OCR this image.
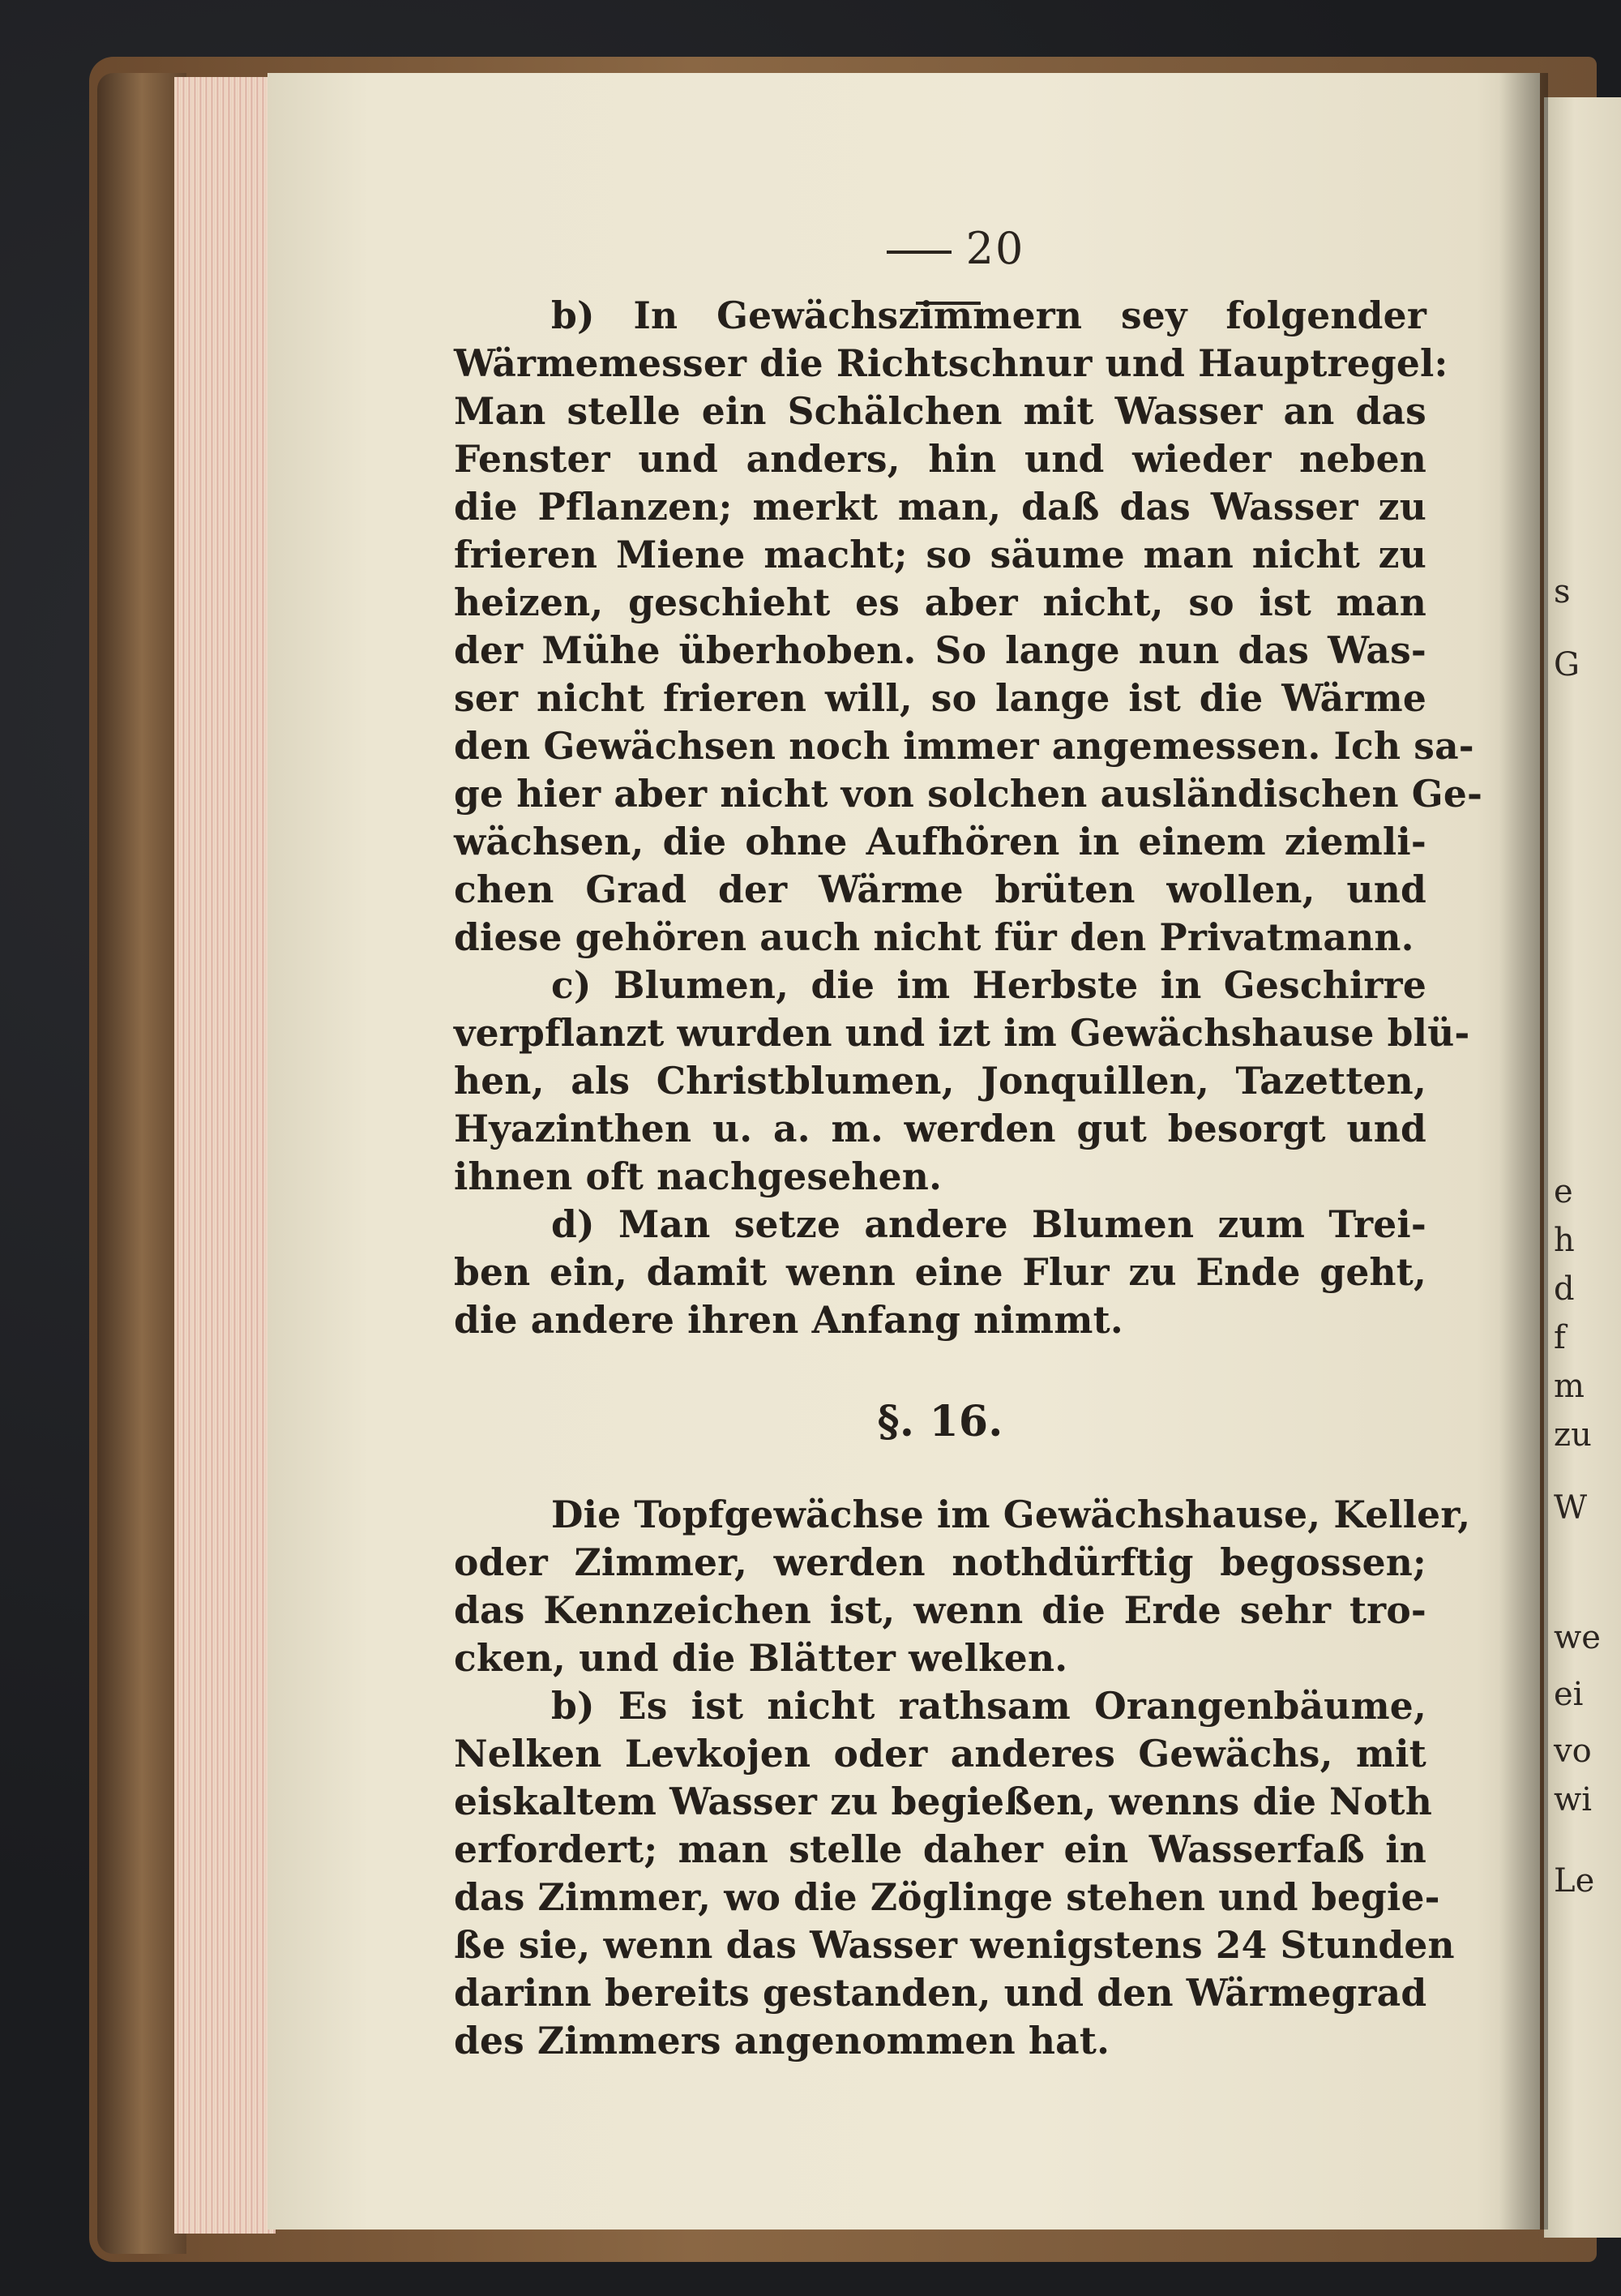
s
G
e
h
d
f
m
zu
W
we
ei
vo
wi
Le
20
b) In Gewächszimmern sey folgender
Wärmemesser die Richtschnur und Hauptregel:
Man stelle ein Schälchen mit Wasser an das
Fenster und anders, hin und wieder neben
die Pflanzen; merkt man, daß das Wasser zu
frieren Miene macht; so säume man nicht zu
heizen, geschieht es aber nicht, so ist man
der Mühe überhoben. So lange nun das Was-
ser nicht frieren will, so lange ist die Wärme
den Gewächsen noch immer angemessen. Ich sa-
ge hier aber nicht von solchen ausländischen Ge-
wächsen, die ohne Aufhören in einem ziemli-
chen Grad der Wärme brüten wollen, und
diese gehören auch nicht für den Privatmann.
c) Blumen, die im Herbste in Geschirre
verpflanzt wurden und izt im Gewächshause blü-
hen, als Christblumen, Jonquillen, Tazetten,
Hyazinthen u. a. m. werden gut besorgt und
ihnen oft nachgesehen.
d) Man setze andere Blumen zum Trei-
ben ein, damit wenn eine Flur zu Ende geht,
die andere ihren Anfang nimmt.
§. 16.
Die Topfgewächse im Gewächshause, Keller,
oder Zimmer, werden nothdürftig begossen;
das Kennzeichen ist, wenn die Erde sehr tro-
cken, und die Blätter welken.
b) Es ist nicht rathsam Orangenbäume,
Nelken Levkojen oder anderes Gewächs, mit
eiskaltem Wasser zu begießen, wenns die Noth
erfordert; man stelle daher ein Wasserfaß in
das Zimmer, wo die Zöglinge stehen und begie-
ße sie, wenn das Wasser wenigstens 24 Stunden
darinn bereits gestanden, und den Wärmegrad
des Zimmers angenommen hat.
